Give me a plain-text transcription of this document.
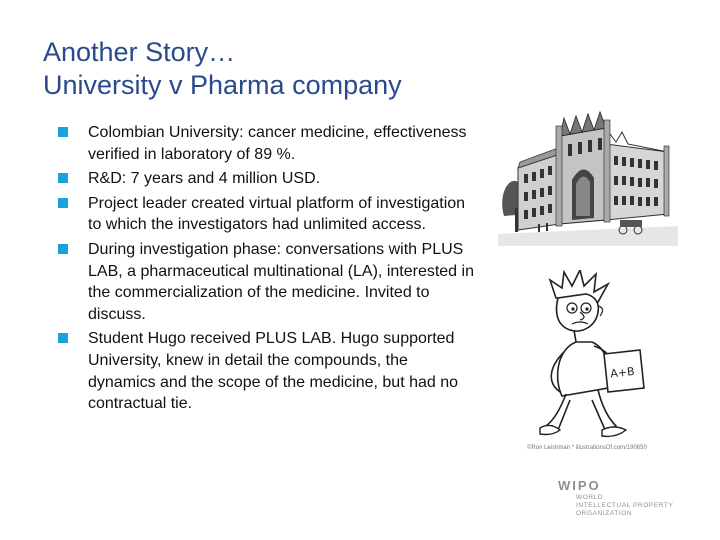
Another Story…
University v Pharma company
Colombian University: cancer medicine, effectiveness verified in laboratory of 89 %.
R&D: 7 years and 4 million USD.
Project leader created virtual platform of investigation to which the investigators had unlimited access.
During investigation phase: conversations with PLUS LAB, a pharmaceutical multinational (LA), interested in the commercialization of the medicine. Invited to discuss.
Student Hugo received PLUS LAB. Hugo supported University, knew in detail the compounds, the dynamics and the scope of the medicine, but had no contractual tie.
A+B
©Ron Leishman * illustrationsOf.com/190650
WIPO
WORLD
INTELLECTUAL PROPERTY
ORGANIZATION
